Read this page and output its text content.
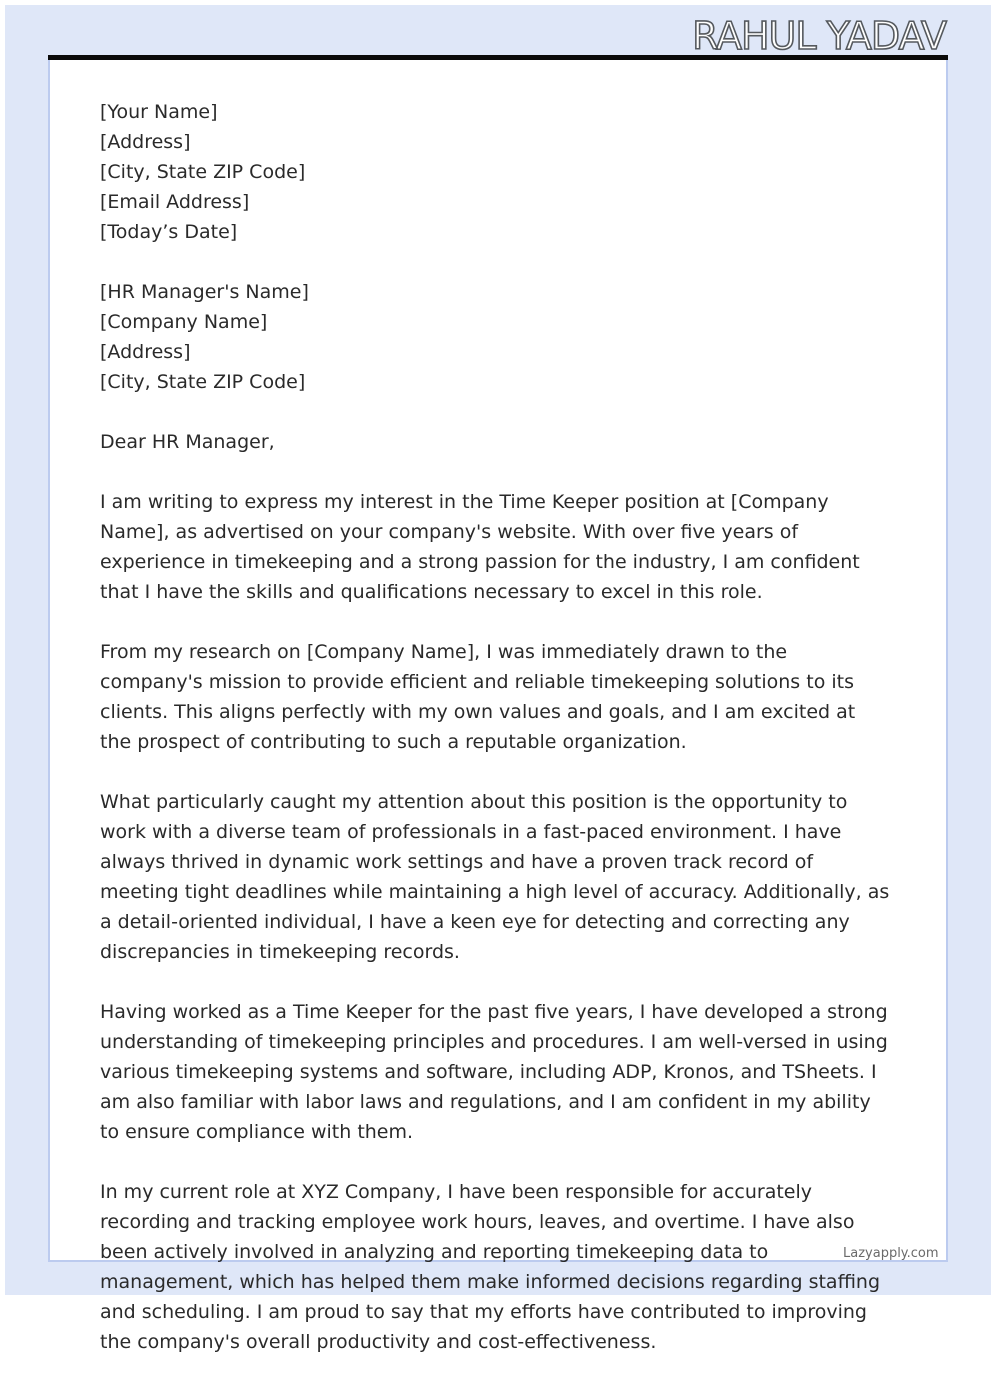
RAHUL YADAV
[Your Name]
[Address]
[City, State ZIP Code]
[Email Address]
[Today’s Date]
[HR Manager's Name]
[Company Name]
[Address]
[City, State ZIP Code]
Dear HR Manager,

I am writing to express my interest in the Time Keeper position at [Company Name], as advertised on your company's website. With over five years of experience in timekeeping and a strong passion for the industry, I am confident that I have the skills and qualifications necessary to excel in this role.

From my research on [Company Name], I was immediately drawn to the company's mission to provide efficient and reliable timekeeping solutions to its clients. This aligns perfectly with my own values and goals, and I am excited at the prospect of contributing to such a reputable organization.

What particularly caught my attention about this position is the opportunity to work with a diverse team of professionals in a fast-paced environment. I have always thrived in dynamic work settings and have a proven track record of meeting tight deadlines while maintaining a high level of accuracy. Additionally, as a detail-oriented individual, I have a keen eye for detecting and correcting any discrepancies in timekeeping records.

Having worked as a Time Keeper for the past five years, I have developed a strong understanding of timekeeping principles and procedures. I am well-versed in using various timekeeping systems and software, including ADP, Kronos, and TSheets. I am also familiar with labor laws and regulations, and I am confident in my ability to ensure compliance with them.

In my current role at XYZ Company, I have been responsible for accurately recording and tracking employee work hours, leaves, and overtime. I have also been actively involved in analyzing and reporting timekeeping data to management, which has helped them make informed decisions regarding staffing and scheduling. I am proud to say that my efforts have contributed to improving the company's overall productivity and cost-effectiveness.

Lazyapply.com
